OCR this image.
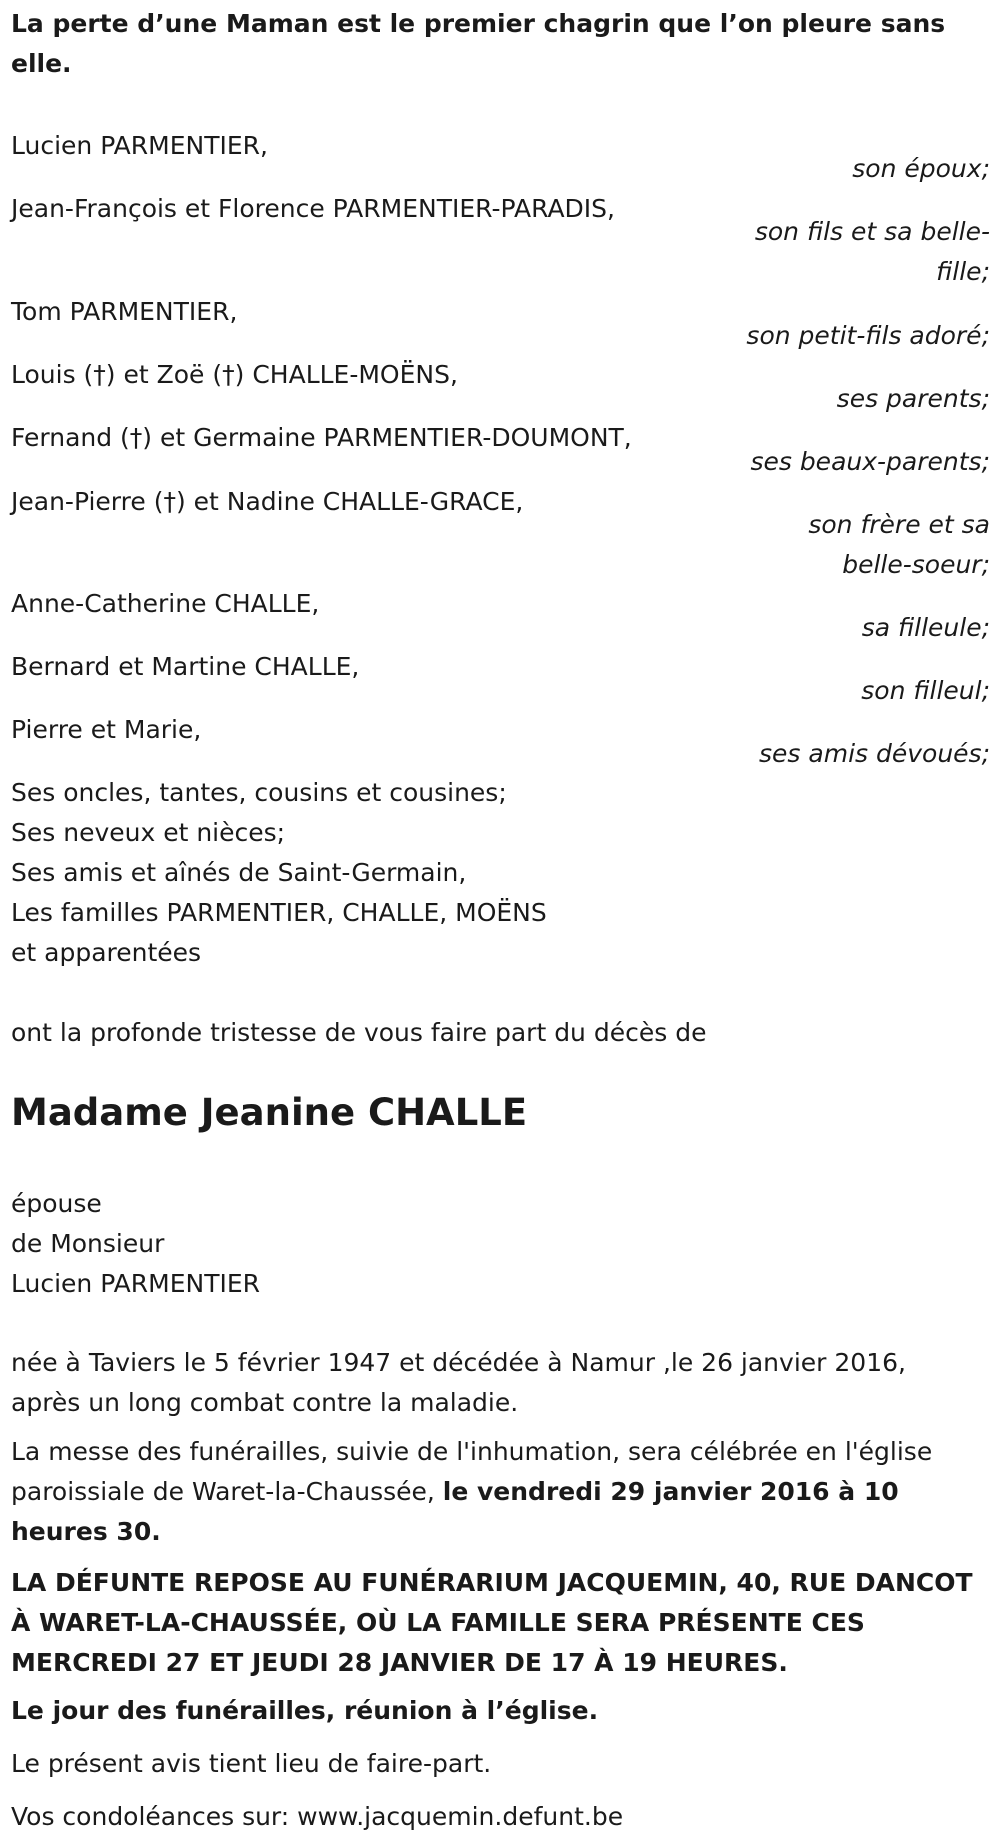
La perte d’une Maman est le premier chagrin que l’on pleure sans elle.
Lucien PARMENTIER,
son époux;
Jean-François et Florence PARMENTIER-PARADIS,
son fils et sa belle-fille;
Tom PARMENTIER,
son petit-fils adoré;
Louis (†) et Zoë (†) CHALLE-MOËNS,
ses parents;
Fernand (†) et Germaine PARMENTIER-DOUMONT,
ses beaux-parents;
Jean-Pierre (†) et Nadine CHALLE-GRACE,
son frère et sa belle-soeur;
Anne-Catherine CHALLE,
sa filleule;
Bernard et Martine CHALLE,
son filleul;
Pierre et Marie,
ses amis dévoués;
Ses oncles, tantes, cousins et cousines;
Ses neveux et nièces;
Ses amis et aînés de Saint-Germain,
Les familles PARMENTIER, CHALLE, MOËNS
et apparentées
ont la profonde tristesse de vous faire part du décès de
Madame Jeanine CHALLE
épouse
de Monsieur
Lucien PARMENTIER
née à Taviers le 5 février 1947 et décédée à Namur ,le 26 janvier 2016, après un long combat contre la maladie.
La messe des funérailles, suivie de l'inhumation, sera célébrée en l'église paroissiale de Waret-la-Chaussée, le vendredi 29 janvier 2016 à 10 heures 30.
LA DÉFUNTE REPOSE AU FUNÉRARIUM JACQUEMIN, 40, RUE DANCOT À WARET-LA-CHAUSSÉE, OÙ LA FAMILLE SERA PRÉSENTE CES MERCREDI 27 ET JEUDI 28 JANVIER DE 17 À 19 HEURES.
Le jour des funérailles, réunion à l’église.
Le présent avis tient lieu de faire-part.
Vos condoléances sur: www.jacquemin.defunt.be
